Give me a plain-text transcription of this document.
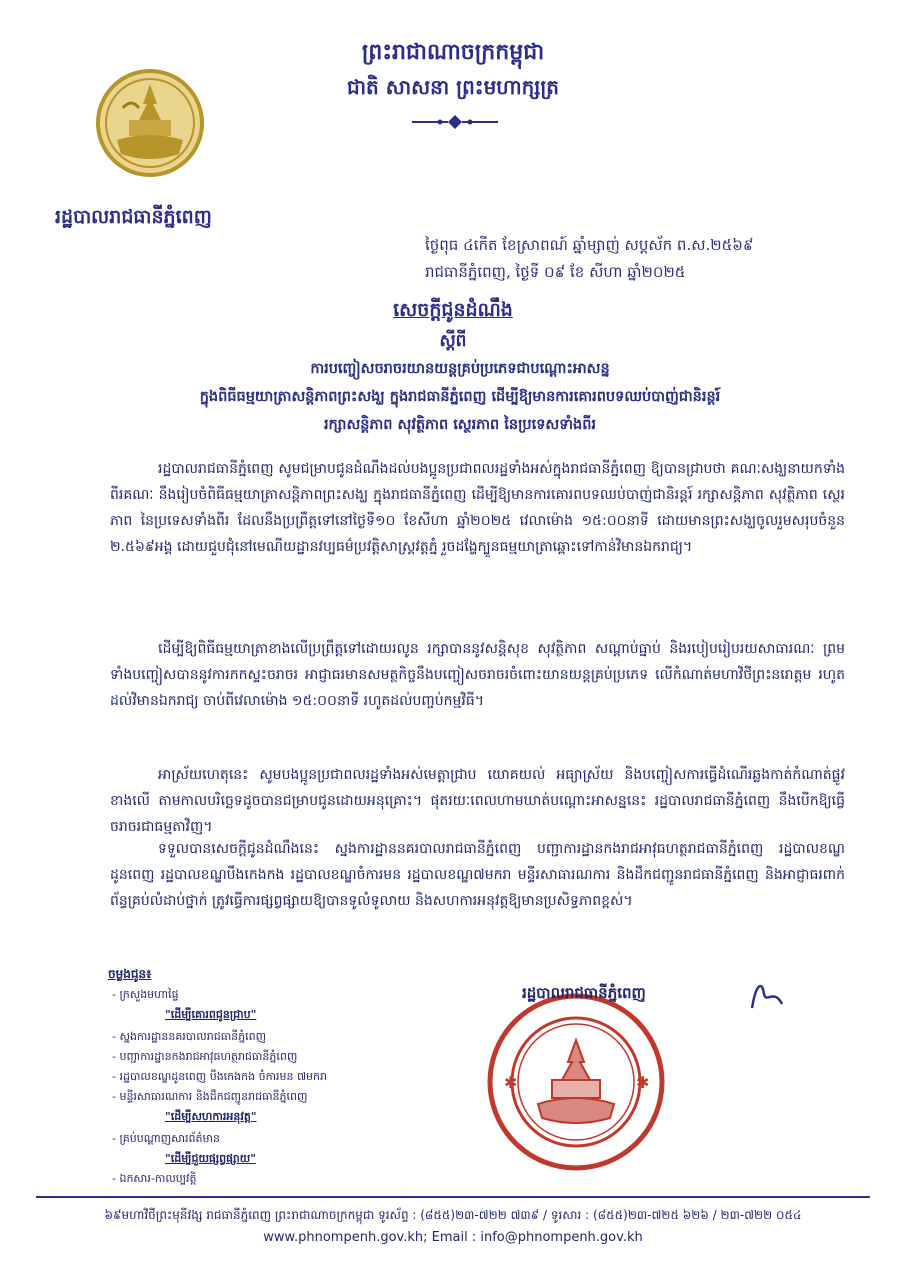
ព្រះរាជាណាចក្រកម្ពុជា
ជាតិ សាសនា ព្រះមហាក្សត្រ
រដ្ឋបាលរាជធានីភ្នំពេញ
ថ្ងៃពុធ ៤កើត ខែស្រាពណ៍ ឆ្នាំម្សាញ់ សប្តស័ក ព.ស.២៥៦៩
រាជធានីភ្នំពេញ, ថ្ងៃទី ០៩ ខែ សីហា ឆ្នាំ២០២៥
សេចក្តីជូនដំណឹង
ស្តីពី
ការបញ្ចៀសចរាចរយានយន្តគ្រប់ប្រភេទជាបណ្តោះអាសន្ន
ក្នុងពិធីធម្មយាត្រាសន្តិភាពព្រះសង្ឃ ក្នុងរាជធានីភ្នំពេញ ដើម្បីឱ្យមានការគោរពបទឈប់បាញ់ជានិរន្តរ៍
រក្សាសន្តិភាព សុវត្ថិភាព ស្ថេរភាព នៃប្រទេសទាំងពីរ
រដ្ឋបាលរាជធានីភ្នំពេញ សូមជម្រាបជូនដំណឹងដល់បងប្អូនប្រជាពលរដ្ឋទាំងអស់ក្នុងរាជធានីភ្នំពេញ ឱ្យបានជ្រាបថា គណៈសង្ឃនាយកទាំងពីរគណៈ នឹងរៀបចំពិធីធម្មយាត្រាសន្តិភាពព្រះសង្ឃ ក្នុងរាជធានីភ្នំពេញ ដើម្បីឱ្យមានការគោរពបទឈប់បាញ់ជានិរន្តរ៍ រក្សាសន្តិភាព សុវត្ថិភាព ស្ថេរភាព នៃប្រទេសទាំងពីរ ដែលនឹងប្រព្រឹត្តទៅនៅថ្ងៃទី១០ ខែសីហា ឆ្នាំ២០២៥ វេលាម៉ោង ១៥:០០នាទី ដោយមានព្រះសង្ឃចូលរួមសរុបចំនួន ២.៥៦៩អង្គ ដោយជួបជុំនៅមេណីយដ្ឋានវប្បធម៌ប្រវត្តិសាស្ត្រវត្តភ្នំ រួចដង្ហែក្បួនធម្មយាត្រាឆ្ពោះទៅកាន់វិមានឯករាជ្យ។
ដើម្បីឱ្យពិធីធម្មយាត្រាខាងលើប្រព្រឹត្តទៅដោយរលូន រក្សាបាននូវសន្តិសុខ សុវត្ថិភាព សណ្តាប់ធ្នាប់ និងរបៀបរៀបរយសាធារណៈ ព្រមទាំងបញ្ចៀសបាននូវការកកស្ទះចរាចរ អាជ្ញាធរមានសមត្ថកិច្ចនឹងបញ្ចៀសចរាចរចំពោះយានយន្តគ្រប់ប្រភេទ លើកំណាត់មហាវិថីព្រះនរោត្តម រហូតដល់វិមានឯករាជ្យ ចាប់ពីវេលាម៉ោង ១៥:០០នាទី រហូតដល់បញ្ចប់កម្មវិធី។
អាស្រ័យហេតុនេះ សូមបងប្អូនប្រជាពលរដ្ឋទាំងអស់មេត្តាជ្រាប យោគយល់ អធ្យាស្រ័យ និងបញ្ចៀសការធ្វើដំណើរឆ្លងកាត់កំណាត់ផ្លូវខាងលើ តាមកាលបរិច្ឆេទដូចបានជម្រាបជូនដោយអនុគ្រោះ។ ផុតរយៈពេលហាមឃាត់បណ្តោះអាសន្ននេះ រដ្ឋបាលរាជធានីភ្នំពេញ នឹងបើកឱ្យធ្វើចរាចរជាធម្មតាវិញ។
ទទួលបានសេចក្តីជូនដំណឹងនេះ ស្នងការដ្ឋាននគរបាលរាជធានីភ្នំពេញ បញ្ជាការដ្ឋានកងរាជអាវុធហត្ថរាជធានីភ្នំពេញ រដ្ឋបាលខណ្ឌដូនពេញ រដ្ឋបាលខណ្ឌបឹងកេងកង រដ្ឋបាលខណ្ឌចំការមន រដ្ឋបាលខណ្ឌ៧មករា មន្ទីរសាធារណការ និងដឹកជញ្ជូនរាជធានីភ្នំពេញ និងអាជ្ញាធរពាក់ព័ន្ធគ្រប់លំដាប់ថ្នាក់ ត្រូវធ្វើការផ្សព្វផ្សាយឱ្យបានទូលំទូលាយ និងសហការអនុវត្តឱ្យមានប្រសិទ្ធភាពខ្ពស់។
ចម្លងជូន៖
- ក្រសួងមហាផ្ទៃ
"ដើម្បីគោរពជូនជ្រាប"
- ស្នងការដ្ឋាននគរបាលរាជធានីភ្នំពេញ
- បញ្ជាការដ្ឋានកងរាជអាវុធហត្ថរាជធានីភ្នំពេញ
- រដ្ឋបាលខណ្ឌដូនពេញ បឹងកេងកង ចំការមន ៧មករា
- មន្ទីរសាធារណការ និងដឹកជញ្ជូនរាជធានីភ្នំពេញ
"ដើម្បីសហការអនុវត្ត"
- គ្រប់បណ្តាញសារព័ត៌មាន
"ដើម្បីជួយផ្សព្វផ្សាយ"
- ឯកសារ-កាលប្បវត្តិ
✱	✱
រដ្ឋបាលរាជធានីភ្នំពេញ
៦៩មហាវិថីព្រះមុនីវង្ស រាជធានីភ្នំពេញ ព្រះរាជាណាចក្រកម្ពុជា ទូរស័ព្ទ : (៨៥៥)២៣-៧២២ ៧៣៩ / ទូរសារ : (៨៥៥)២៣-៧២៥ ៦២៦ / ២៣-៧២២ ០៥៤
www.phnompenh.gov.kh; Email : info@phnompenh.gov.kh
